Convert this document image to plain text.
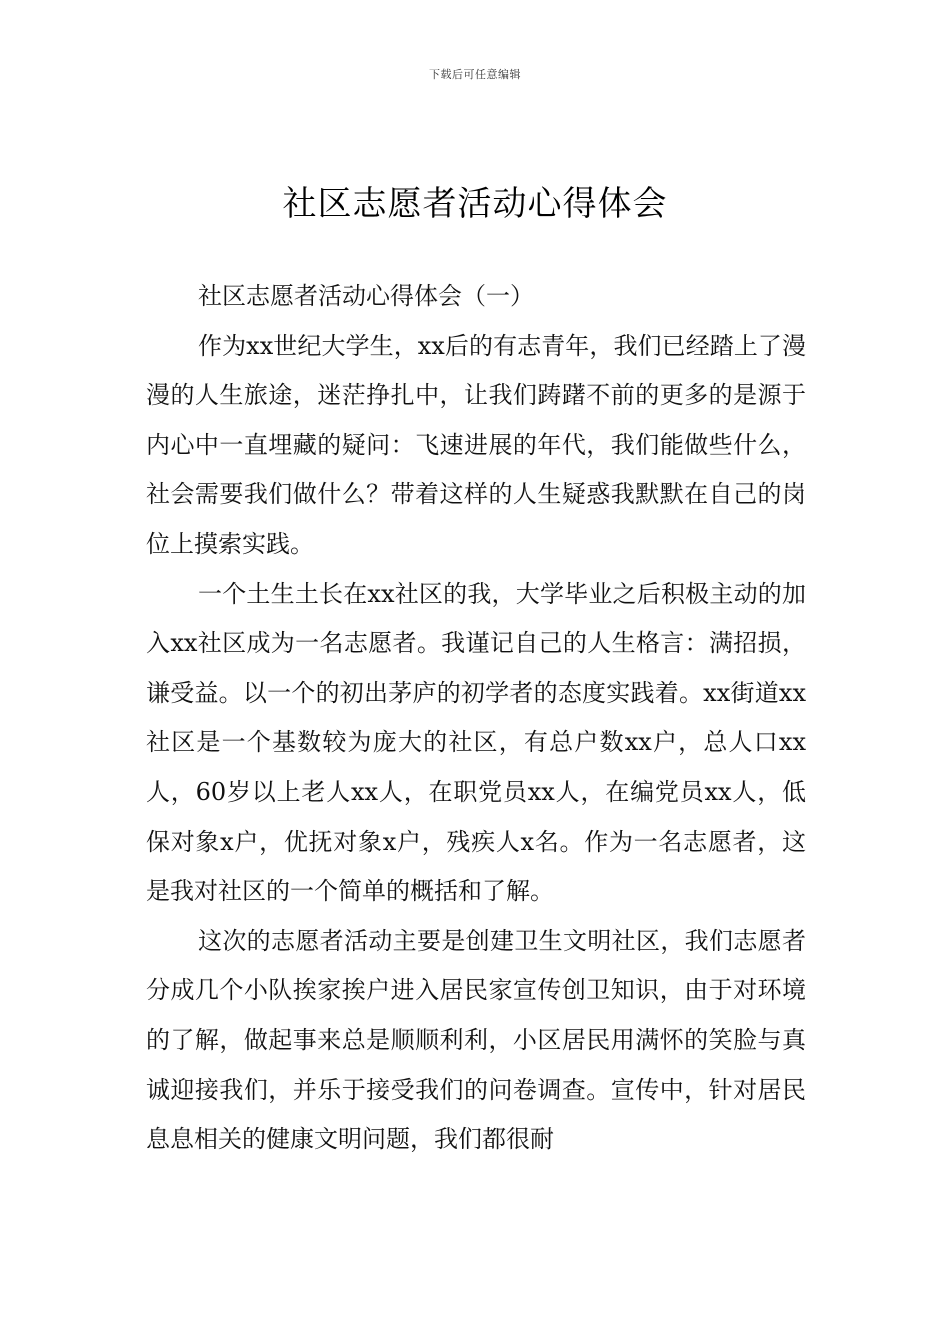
下载后可任意编辑
社区志愿者活动心得体会

社区志愿者活动心得体会（一）

作为xx世纪大学生，xx后的有志青年，我们已经踏上了漫漫的人生旅途，迷茫挣扎中，让我们踌躇不前的更多的是源于内心中一直埋藏的疑问：飞速进展的年代，我们能做些什么，社会需要我们做什么？带着这样的人生疑惑我默默在自己的岗位上摸索实践。

一个土生土长在xx社区的我，大学毕业之后积极主动的加入xx社区成为一名志愿者。我谨记自己的人生格言：满招损，谦受益。以一个的初出茅庐的初学者的态度实践着。xx街道xx社区是一个基数较为庞大的社区，有总户数xx户，总人口xx人，60岁以上老人xx人，在职党员xx人，在编党员xx人，低保对象x户，优抚对象x户，残疾人x名。作为一名志愿者，这是我对社区的一个简单的概括和了解。

这次的志愿者活动主要是创建卫生文明社区，我们志愿者分成几个小队挨家挨户进入居民家宣传创卫知识，由于对环境的了解，做起事来总是顺顺利利，小区居民用满怀的笑脸与真诚迎接我们，并乐于接受我们的问卷调查。宣传中，针对居民息息相关的健康文明问题，我们都很耐
